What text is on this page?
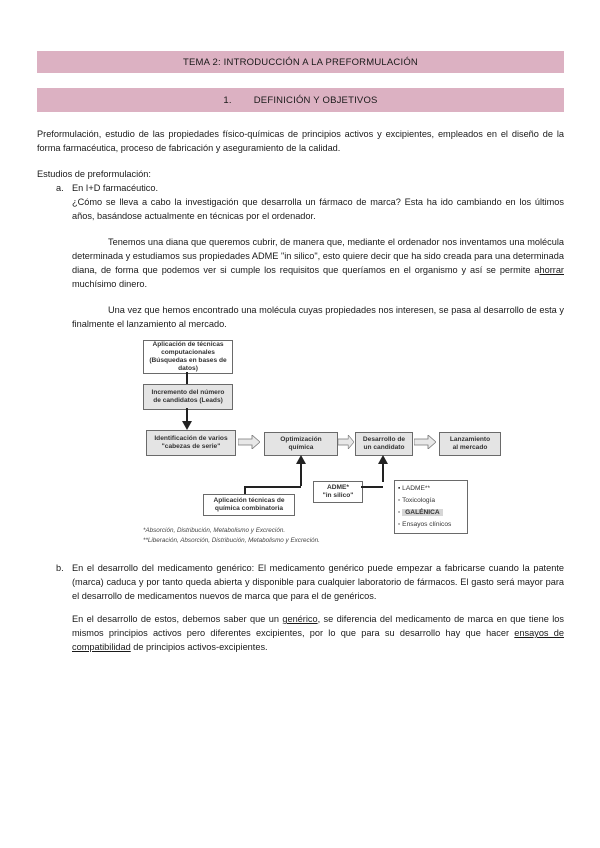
TEMA 2: INTRODUCCIÓN A LA PREFORMULACIÓN
1. DEFINICIÓN Y OBJETIVOS

Preformulación, estudio de las propiedades físico-químicas de principios activos y excipientes, empleados en el diseño de la forma farmacéutica, proceso de fabricación y aseguramiento de la calidad.

Estudios de preformulación:

a. En I+D farmacéutico.

¿Cómo se lleva a cabo la investigación que desarrolla un fármaco de marca? Esta ha ido cambiando en los últimos años, basándose actualmente en técnicas por el ordenador.

Tenemos una diana que queremos cubrir, de manera que, mediante el ordenador nos inventamos una molécula determinada y estudiamos sus propiedades ADME "in silico", esto quiere decir que ha sido creada para una determinada diana, de forma que podemos ver si cumple los requisitos que queríamos en el organismo y así se permite ahorrar muchísimo dinero.

Una vez que hemos encontrado una molécula cuyas propiedades nos interesen, se pasa al desarrollo de esta y finalmente el lanzamiento al mercado.

Aplicación de técnicas
computacionales
(Búsquedas en bases de datos)
Incremento del número
de candidatos (Leads)
Identificación de varios
"cabezas de serie"
Optimización
química
Desarrollo de
un candidato
Lanzamiento
al mercado
ADME*
"in silico"
Aplicación técnicas de
química combinatoria
▪ LADME**
▫ Toxicología
▫ GALÉNICA
▫ Ensayos clínicos
*Absorción, Distribución, Metabolismo y Excreción.
**Liberación, Absorción, Distribución, Metabolismo y Excreción.
b. En el desarrollo del medicamento genérico: El medicamento genérico puede empezar a fabricarse cuando la patente (marca) caduca y por tanto queda abierta y disponible para cualquier laboratorio de fármacos. El gasto será mayor para el desarrollo de medicamentos nuevos de marca que para el de genéricos.

En el desarrollo de estos, debemos saber que un genérico, se diferencia del medicamento de marca en que tiene los mismos principios activos pero diferentes excipientes, por lo que para su desarrollo hay que hacer ensayos de compatibilidad de principios activos-excipientes.
